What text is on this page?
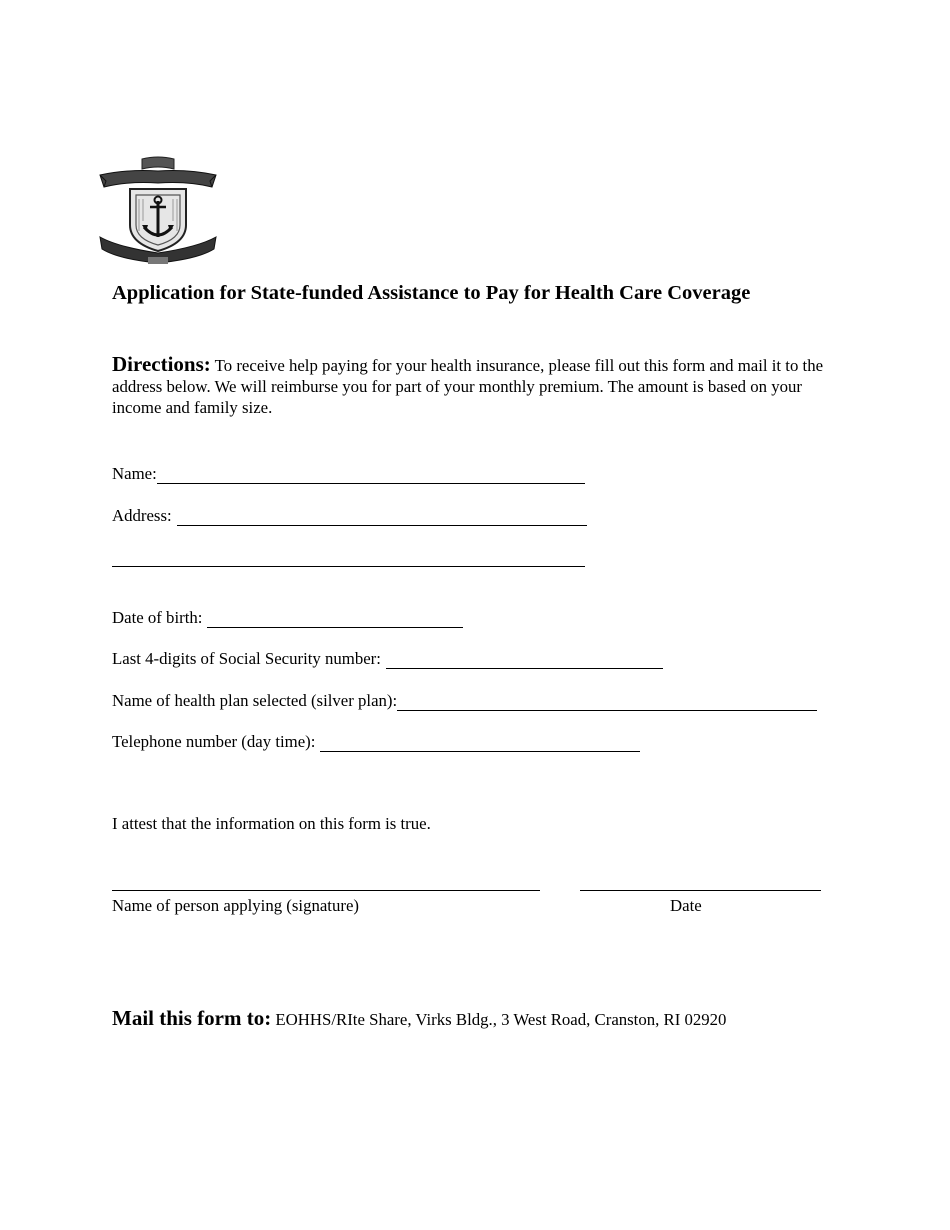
Application for State-funded Assistance to Pay for Health Care Coverage
Directions: To receive help paying for your health insurance, please fill out this form and mail it to the address below. We will reimburse you for part of your monthly premium. The amount is based on your income and family size.
Name:
Address:
Date of birth:
Last 4-digits of Social Security number:
Name of health plan selected (silver plan):
Telephone number (day time):
I attest that the information on this form is true.
Name of person applying (signature)	Date
Mail this form to: EOHHS/RIte Share, Virks Bldg., 3 West Road, Cranston, RI 02920
